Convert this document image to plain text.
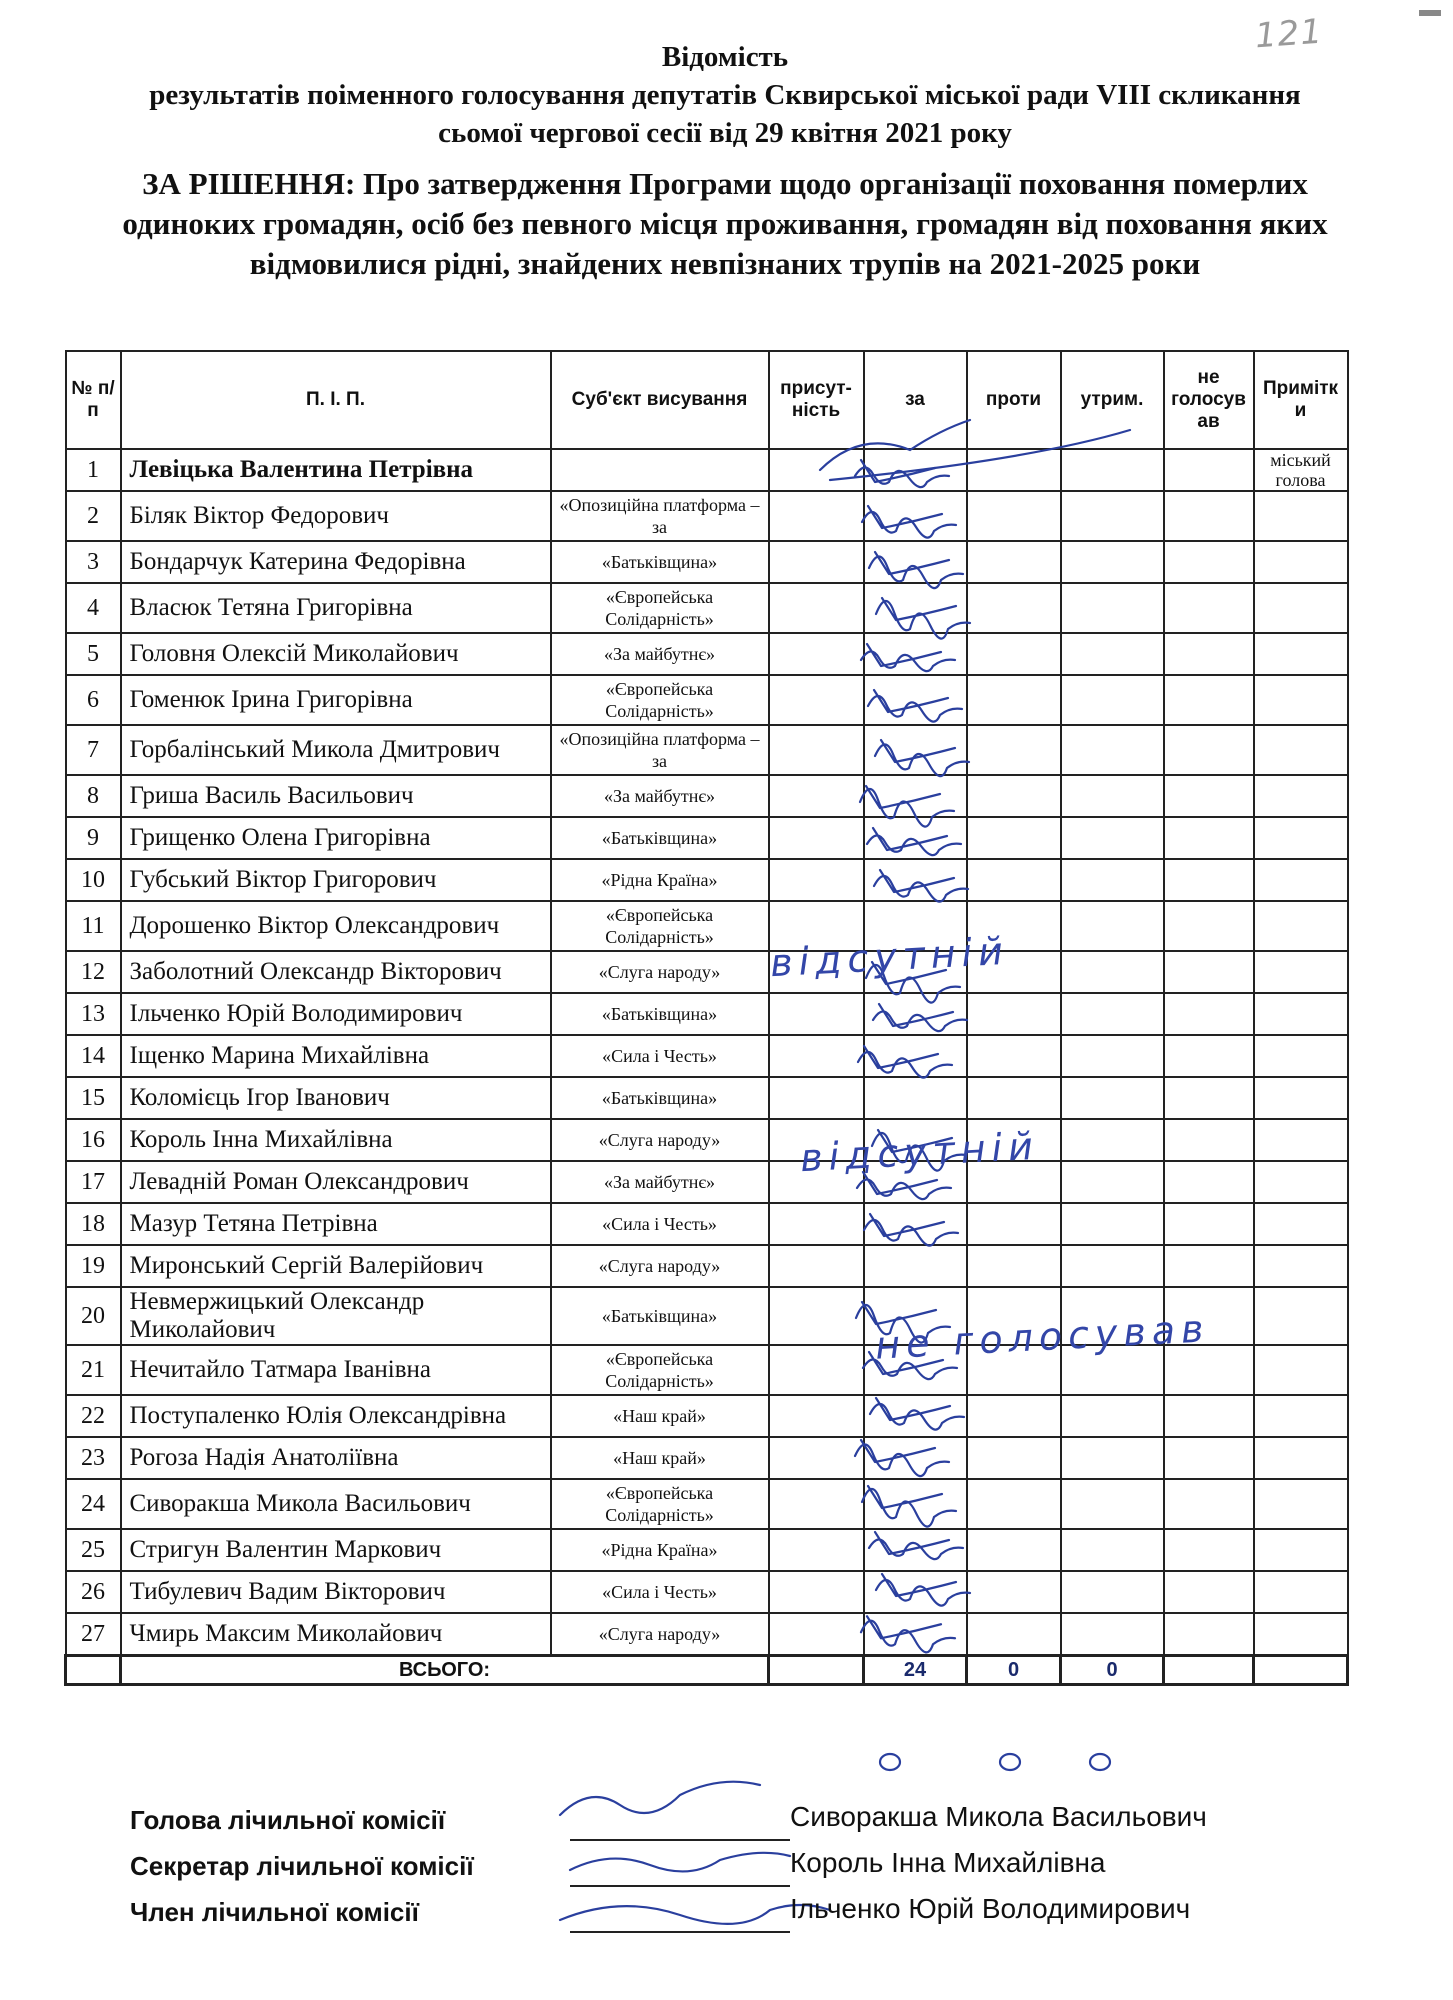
121
Відомість
результатів поіменного голосування депутатів Сквирської міської ради VIII скликання
сьомої чергової сесії від 29 квітня 2021 року
ЗА РІШЕННЯ: Про затвердження Програми щодо організації поховання померлих
одиноких громадян, осіб без певного місця проживання, громадян від поховання яких
відмовилися рідні, знайдених невпізнаних трупів на 2021-2025 роки
№ п/п	П. І. П.	Суб'єкт висування	присут-ність	за	проти	утрим.	не голосув ав	Примітк и
1	Левіцька Валентина Петрівна							міський голова
2	Біляк Віктор Федорович	«Опозиційна платформа – за						
3	Бондарчук Катерина Федорівна	«Батьківщина»						
4	Власюк Тетяна Григорівна	«Європейська Солідарність»						
5	Головня Олексій Миколайович	«За майбутнє»						
6	Гоменюк Ірина Григорівна	«Європейська Солідарність»						
7	Горбалінський Микола Дмитрович	«Опозиційна платформа – за						
8	Гриша Василь Васильович	«За майбутнє»						
9	Грищенко Олена Григорівна	«Батьківщина»						
10	Губський Віктор Григорович	«Рідна Країна»						
11	Дорошенко Віктор Олександрович	«Європейська Солідарність»						
12	Заболотний Олександр Вікторович	«Слуга народу»						
13	Ільченко Юрій Володимирович	«Батьківщина»						
14	Іщенко Марина Михайлівна	«Сила і Честь»						
15	Коломієць Ігор Іванович	«Батьківщина»						
16	Король Інна Михайлівна	«Слуга народу»						
17	Левадній Роман Олександрович	«За майбутнє»						
18	Мазур Тетяна Петрівна	«Сила і Честь»						
19	Миронський Сергій Валерійович	«Слуга народу»						
20	Невмержицький Олександр Миколайович	«Батьківщина»						
21	Нечитайло Татмара Іванівна	«Європейська Солідарність»						
22	Поступаленко Юлія Олександрівна	«Наш край»						
23	Рогоза Надія Анатоліївна	«Наш край»						
24	Сиворакша Микола Васильович	«Європейська Солідарність»						
25	Стригун Валентин Маркович	«Рідна Країна»						
26	Тибулевич Вадим Вікторович	«Сила і Честь»						
27	Чмирь Максим Миколайович	«Слуга народу»						
	ВСЬОГО:			24	0	0		
відсутній
відсутній
не голосував
Голова лічильної комісії	Сиворакша Микола Васильович
Секретар лічильної комісії	Король Інна Михайлівна
Член лічильної комісії	Ільченко Юрій Володимирович
